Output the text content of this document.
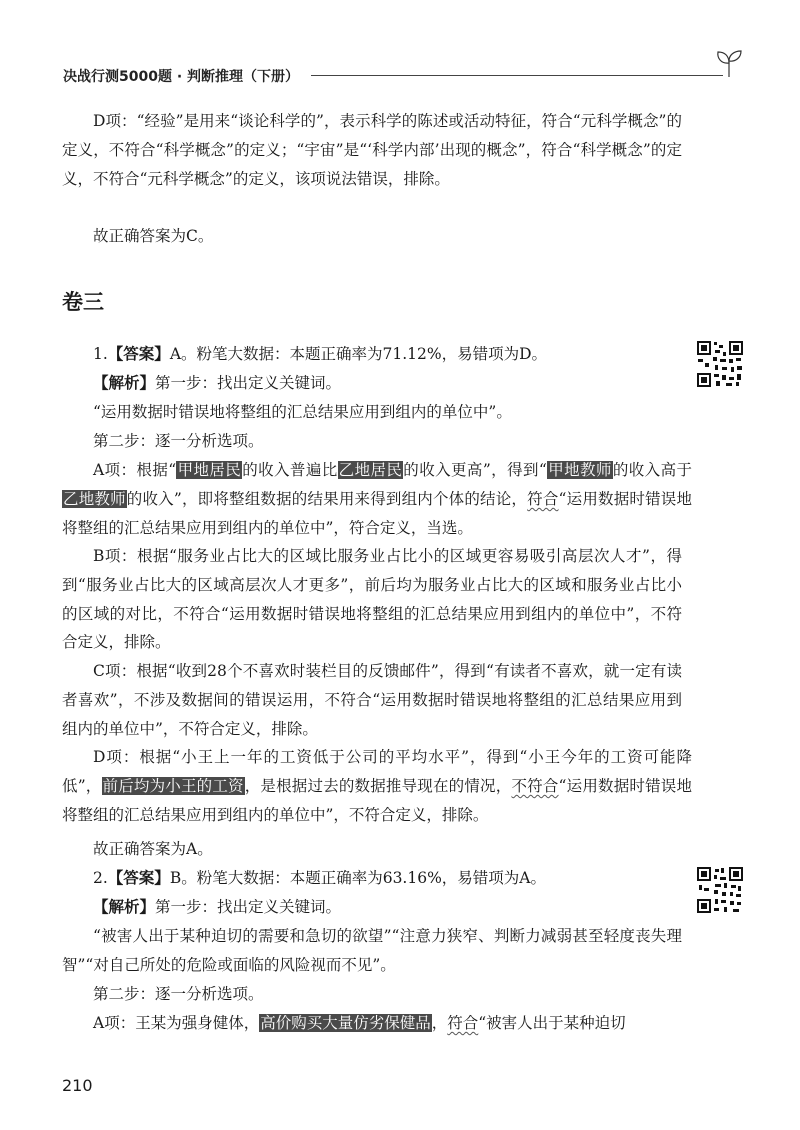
决战行测5000题 · 判断推理（下册）

D项：“经验”是用来“谈论科学的”，表示科学的陈述或活动特征，符合“元科学概念”的定义，不符合“科学概念”的定义；“宇宙”是“‘科学内部’出现的概念”，符合“科学概念”的定义，不符合“元科学概念”的定义，该项说法错误，排除。

故正确答案为C。

卷三

1.【答案】A。粉笔大数据：本题正确率为71.12%，易错项为D。

【解析】第一步：找出定义关键词。

“运用数据时错误地将整组的汇总结果应用到组内的单位中”。

第二步：逐一分析选项。

A项：根据“甲地居民的收入普遍比乙地居民的收入更高”，得到“甲地教师的收入高于乙地教师的收入”，即将整组数据的结果用来得到组内个体的结论，符合“运用数据时错误地将整组的汇总结果应用到组内的单位中”，符合定义，当选。

B项：根据“服务业占比大的区域比服务业占比小的区域更容易吸引高层次人才”，得到“服务业占比大的区域高层次人才更多”，前后均为服务业占比大的区域和服务业占比小的区域的对比，不符合“运用数据时错误地将整组的汇总结果应用到组内的单位中”，不符合定义，排除。

C项：根据“收到28个不喜欢时装栏目的反馈邮件”，得到“有读者不喜欢，就一定有读者喜欢”，不涉及数据间的错误运用，不符合“运用数据时错误地将整组的汇总结果应用到组内的单位中”，不符合定义，排除。

D项：根据“小王上一年的工资低于公司的平均水平”，得到“小王今年的工资可能降低”，前后均为小王的工资，是根据过去的数据推导现在的情况，不符合“运用数据时错误地将整组的汇总结果应用到组内的单位中”，不符合定义，排除。

故正确答案为A。

2.【答案】B。粉笔大数据：本题正确率为63.16%，易错项为A。

【解析】第一步：找出定义关键词。

“被害人出于某种迫切的需要和急切的欲望”“注意力狭窄、判断力减弱甚至轻度丧失理智”“对自己所处的危险或面临的风险视而不见”。

第二步：逐一分析选项。

A项：王某为强身健体，高价购买大量仿劣保健品，符合“被害人出于某种迫切

210
